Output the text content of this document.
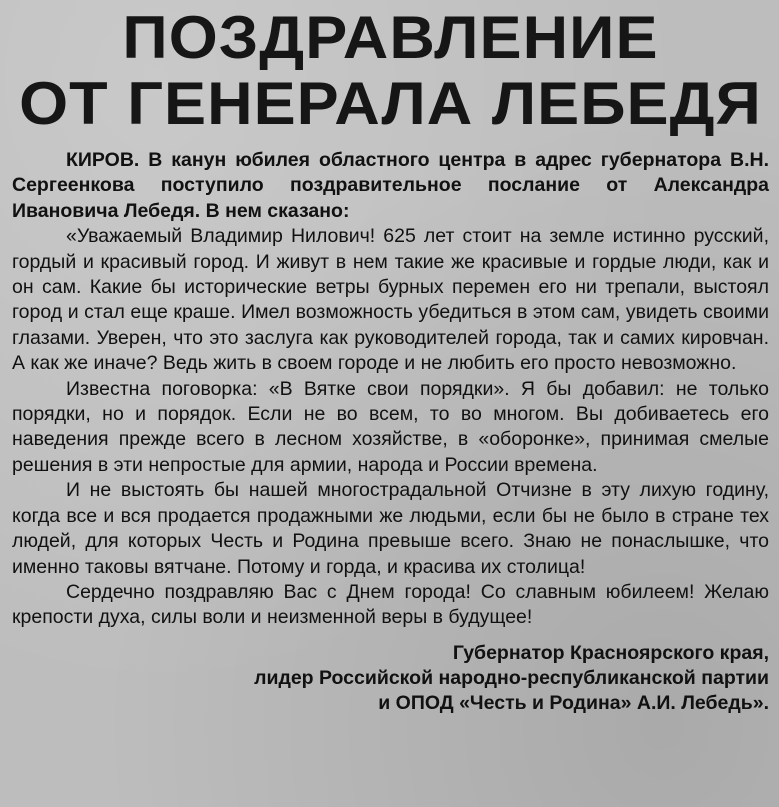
ПОЗДРАВЛЕНИЕ
ОТ ГЕНЕРАЛА ЛЕБЕДЯ

КИРОВ. В канун юбилея областного центра в адрес губернатора В.Н. Сергеенкова поступило поздравительное послание от Александра Ивановича Лебедя. В нем сказано:

«Уважаемый Владимир Нилович! 625 лет стоит на земле истинно русский, гордый и красивый город. И живут в нем такие же красивые и гордые люди, как и он сам. Какие бы исторические ветры бурных перемен его ни трепали, выстоял город и стал еще краше. Имел возможность убедиться в этом сам, увидеть своими глазами. Уверен, что это заслуга как руководителей города, так и самих кировчан. А как же иначе? Ведь жить в своем городе и не любить его просто невозможно.

Известна поговорка: «В Вятке свои порядки». Я бы добавил: не только порядки, но и порядок. Если не во всем, то во многом. Вы добиваетесь его наведения прежде всего в лесном хозяйстве, в «оборонке», принимая смелые решения в эти непростые для армии, народа и России времена.

И не выстоять бы нашей многострадальной Отчизне в эту лихую годину, когда все и вся продается продажными же людьми, если бы не было в стране тех людей, для которых Честь и Родина превыше всего. Знаю не понаслышке, что именно таковы вятчане. Потому и горда, и красива их столица!

Сердечно поздравляю Вас с Днем города! Со славным юбилеем! Желаю крепости духа, силы воли и неизменной веры в будущее!

Губернатор Красноярского края,
лидер Российской народно-республиканской партии
и ОПОД «Честь и Родина» А.И. Лебедь».
